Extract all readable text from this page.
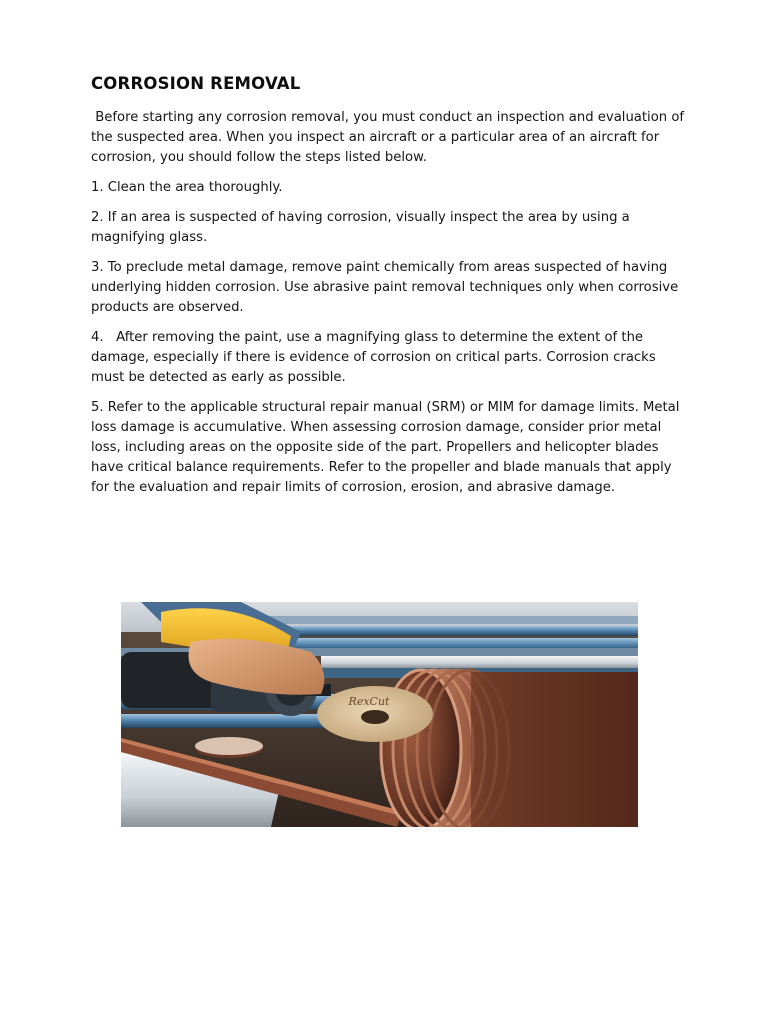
CORROSION REMOVAL

Before starting any corrosion removal, you must conduct an inspection and evaluation of the suspected area. When you inspect an aircraft or a particular area of an aircraft for corrosion, you should follow the steps listed below.

1. Clean the area thoroughly.

2. If an area is suspected of having corrosion, visually inspect the area by using a magnifying glass.

3. To preclude metal damage, remove paint chemically from areas suspected of having underlying hidden corrosion. Use abrasive paint removal techniques only when corrosive products are observed.

4.   After removing the paint, use a magnifying glass to determine the extent of the damage, especially if there is evidence of corrosion on critical parts. Corrosion cracks must be detected as early as possible.

5. Refer to the applicable structural repair manual (SRM) or MIM for damage limits. Metal loss damage is accumulative. When assessing corrosion damage, consider prior metal loss, including areas on the opposite side of the part. Propellers and helicopter blades have critical balance requirements. Refer to the propeller and blade manuals that apply for the evaluation and repair limits of corrosion, erosion, and abrasive damage.

RexCut
